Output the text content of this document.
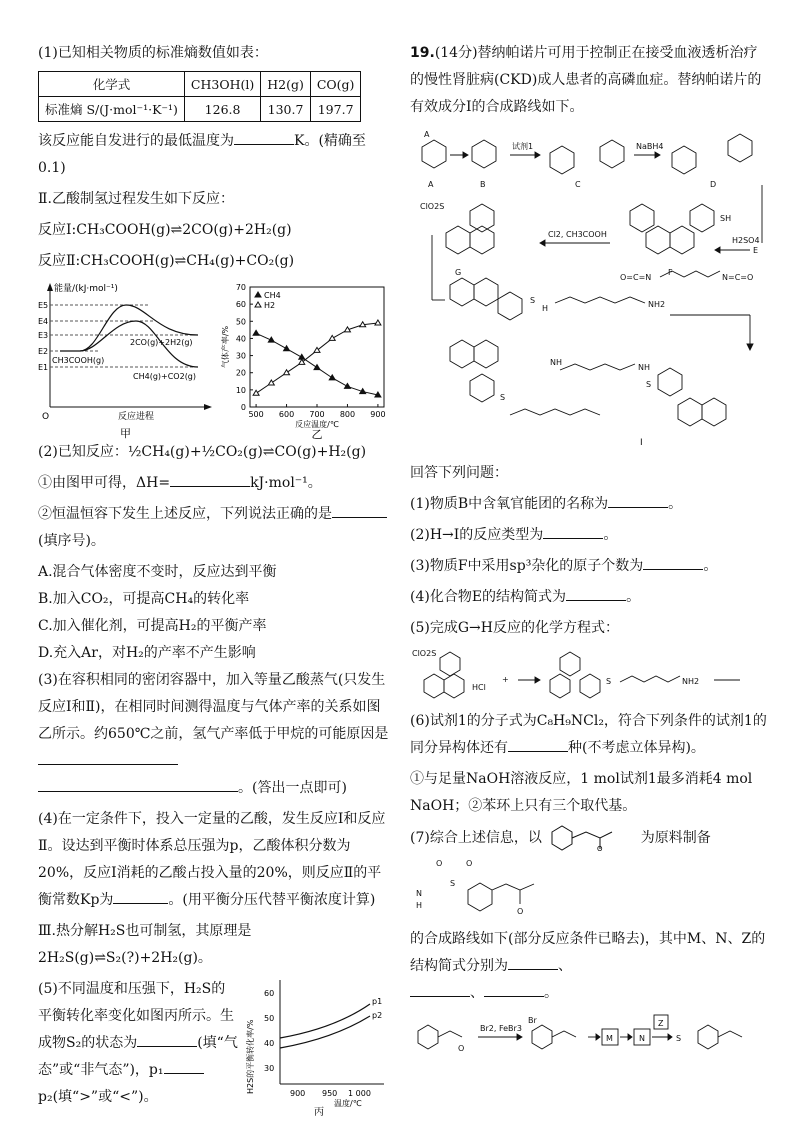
(1)已知相关物质的标准熵数值如表：

化学式	CH3OH(l)	H2(g)	CO(g)
标准熵 S/(J·mol⁻¹·K⁻¹)	126.8	130.7	197.7

该反应能自发进行的最低温度为	K。(精确至0.1)

Ⅱ.乙酸制氢过程发生如下反应：

反应Ⅰ:CH₃COOH(g)⇌2CO(g)+2H₂(g)

反应Ⅱ:CH₃COOH(g)⇌CH₄(g)+CO₂(g)

能量/(kJ·mol⁻¹)
E5
E4
E3
E2
E1
2CO(g)+2H2(g)
CH3COOH(g)
CH4(g)+CO2(g)
O	反应进程
甲
0
10
20
30
40
50
60
70
500 600 700 800 900
反应温度/℃
气体产率/%
乙
CH4
H2

(2)已知反应：½CH₄(g)+½CO₂(g)⇌CO(g)+H₂(g)

①由图甲可得，ΔH=	kJ·mol⁻¹。

②恒温恒容下发生上述反应，下列说法正确的是(填序号)。

A.混合气体密度不变时，反应达到平衡

B.加入CO₂，可提高CH₄的转化率

C.加入催化剂，可提高H₂的平衡产率

D.充入Ar，对H₂的产率不产生影响

(3)在容积相同的密闭容器中，加入等量乙酸蒸气(只发生反应Ⅰ和Ⅱ)，在相同时间测得温度与气体产率的关系如图乙所示。约650℃之前，氢气产率低于甲烷的可能原因是
。(答出一点即可)

(4)在一定条件下，投入一定量的乙酸，发生反应Ⅰ和反应Ⅱ。设达到平衡时体系总压强为p，乙酸体积分数为20%，反应Ⅰ消耗的乙酸占投入量的20%，则反应Ⅱ的平衡常数Kp为	。(用平衡分压代替平衡浓度计算)

Ⅲ.热分解H₂S也可制氢，其原理是2H₂S(g)⇌S₂(?)+2H₂(g)。

(5)不同温度和压强下，H₂S的平衡转化率变化如图丙所示。生成物S₂的状态为	(填“气态”或“非气态”)，p₁p₂(填“>”或“<”)。

H2S的平衡转化率/% 30
40
50
60
900 950 1 000
温度/℃
p1
p2
丙

19.(14分)替纳帕诺片可用于控制正在接受血液透析治疗的慢性肾脏病(CKD)成人患者的高磷血症。替纳帕诺片的有效成分I的合成路线如下。

A
A	B
试剂1
C
NaBH4
D
ClO2S
G
Cl2, CH3COOH
F
SH
H2SO4
E
S
H	NH2
O=C=N	N=C=O
S
NH
NH
S
I

回答下列问题：

(1)物质B中含氧官能团的名称为	。

(2)H→I的反应类型为	。

(3)物质F中采用sp³杂化的原子个数为	。

(4)化合物E的结构简式为	。

(5)完成G→H反应的化学方程式：

ClO2S
HCl
+	S	NH2

(6)试剂1的分子式为C₈H₉NCl₂，符合下列条件的试剂1的同分异构体还有	种(不考虑立体异构)。

①与足量NaOH溶液反应，1 mol试剂1最多消耗4 mol NaOH；②苯环上只有三个取代基。

(7)综合上述信息，以
O
为原料制备

O	O
S
N
H
O

的合成路线如下(部分反应条件已略去)，其中M、N、Z的结构简式分别为	、
、	。

O
Br2, FeBr3
Br
M	N
Z
S
